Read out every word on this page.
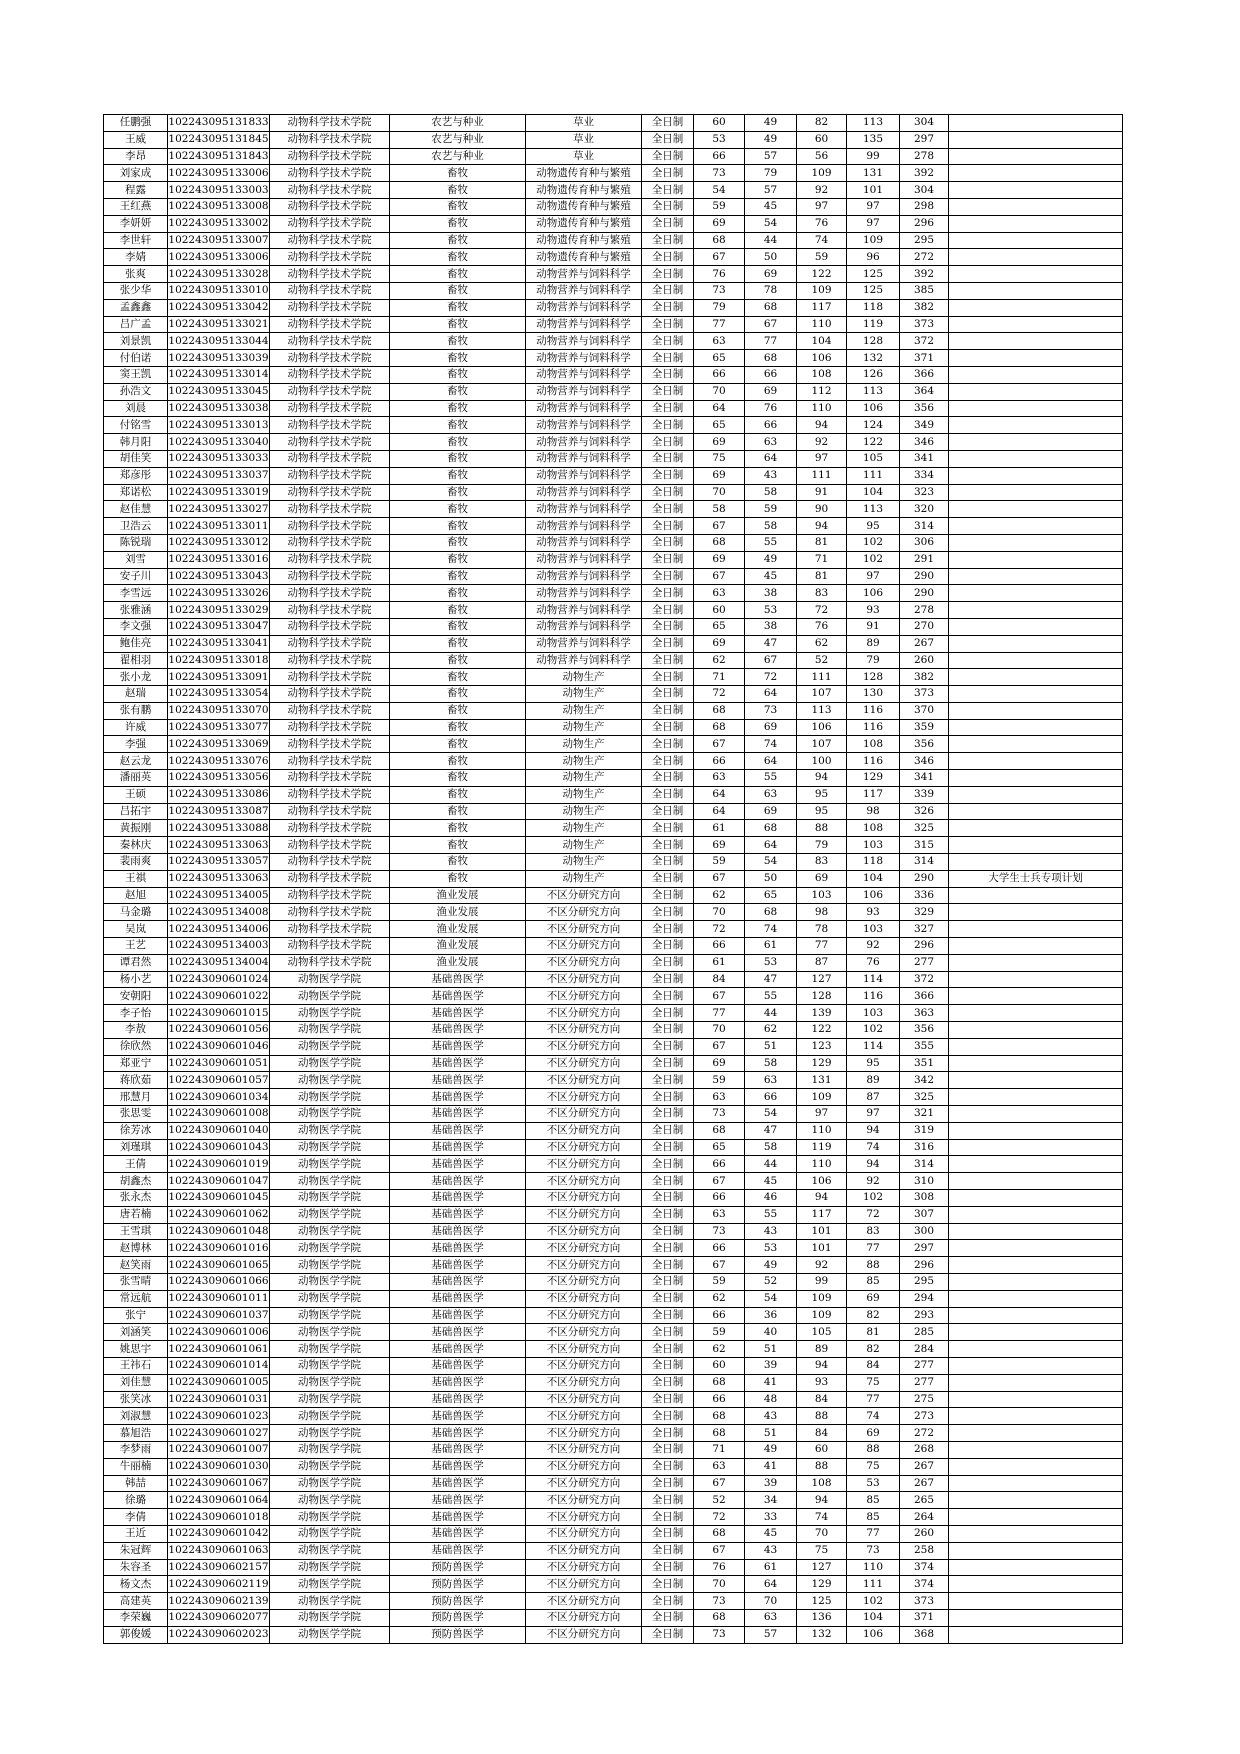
任鹏强	102243095131833	动物科学技术学院	农艺与种业	草业	全日制	60	49	82	113	304	
王威	102243095131845	动物科学技术学院	农艺与种业	草业	全日制	53	49	60	135	297	
李昂	102243095131843	动物科学技术学院	农艺与种业	草业	全日制	66	57	56	99	278	
刘家成	102243095133006	动物科学技术学院	畜牧	动物遗传育种与繁殖	全日制	73	79	109	131	392	
程露	102243095133003	动物科学技术学院	畜牧	动物遗传育种与繁殖	全日制	54	57	92	101	304	
王红燕	102243095133008	动物科学技术学院	畜牧	动物遗传育种与繁殖	全日制	59	45	97	97	298	
李妍妍	102243095133002	动物科学技术学院	畜牧	动物遗传育种与繁殖	全日制	69	54	76	97	296	
李世轩	102243095133007	动物科学技术学院	畜牧	动物遗传育种与繁殖	全日制	68	44	74	109	295	
李婧	102243095133006	动物科学技术学院	畜牧	动物遗传育种与繁殖	全日制	67	50	59	96	272	
张爽	102243095133028	动物科学技术学院	畜牧	动物营养与饲料科学	全日制	76	69	122	125	392	
张少华	102243095133010	动物科学技术学院	畜牧	动物营养与饲料科学	全日制	73	78	109	125	385	
孟鑫鑫	102243095133042	动物科学技术学院	畜牧	动物营养与饲料科学	全日制	79	68	117	118	382	
吕广孟	102243095133021	动物科学技术学院	畜牧	动物营养与饲料科学	全日制	77	67	110	119	373	
刘景凯	102243095133044	动物科学技术学院	畜牧	动物营养与饲料科学	全日制	63	77	104	128	372	
付伯诺	102243095133039	动物科学技术学院	畜牧	动物营养与饲料科学	全日制	65	68	106	132	371	
窦王凯	102243095133014	动物科学技术学院	畜牧	动物营养与饲料科学	全日制	66	66	108	126	366	
孙浩文	102243095133045	动物科学技术学院	畜牧	动物营养与饲料科学	全日制	70	69	112	113	364	
刘晨	102243095133038	动物科学技术学院	畜牧	动物营养与饲料科学	全日制	64	76	110	106	356	
付铭雪	102243095133013	动物科学技术学院	畜牧	动物营养与饲料科学	全日制	65	66	94	124	349	
韩月阳	102243095133040	动物科学技术学院	畜牧	动物营养与饲料科学	全日制	69	63	92	122	346	
胡佳笑	102243095133033	动物科学技术学院	畜牧	动物营养与饲料科学	全日制	75	64	97	105	341	
郑彦彤	102243095133037	动物科学技术学院	畜牧	动物营养与饲料科学	全日制	69	43	111	111	334	
郑诺松	102243095133019	动物科学技术学院	畜牧	动物营养与饲料科学	全日制	70	58	91	104	323	
赵佳慧	102243095133027	动物科学技术学院	畜牧	动物营养与饲料科学	全日制	58	59	90	113	320	
卫浩云	102243095133011	动物科学技术学院	畜牧	动物营养与饲料科学	全日制	67	58	94	95	314	
陈锐瑞	102243095133012	动物科学技术学院	畜牧	动物营养与饲料科学	全日制	68	55	81	102	306	
刘雪	102243095133016	动物科学技术学院	畜牧	动物营养与饲料科学	全日制	69	49	71	102	291	
安子川	102243095133043	动物科学技术学院	畜牧	动物营养与饲料科学	全日制	67	45	81	97	290	
李雪远	102243095133026	动物科学技术学院	畜牧	动物营养与饲料科学	全日制	63	38	83	106	290	
张雅涵	102243095133029	动物科学技术学院	畜牧	动物营养与饲料科学	全日制	60	53	72	93	278	
李文强	102243095133047	动物科学技术学院	畜牧	动物营养与饲料科学	全日制	65	38	76	91	270	
鲍佳亮	102243095133041	动物科学技术学院	畜牧	动物营养与饲料科学	全日制	69	47	62	89	267	
翟相羽	102243095133018	动物科学技术学院	畜牧	动物营养与饲料科学	全日制	62	67	52	79	260	
张小龙	102243095133091	动物科学技术学院	畜牧	动物生产	全日制	71	72	111	128	382	
赵瑞	102243095133054	动物科学技术学院	畜牧	动物生产	全日制	72	64	107	130	373	
张有鹏	102243095133070	动物科学技术学院	畜牧	动物生产	全日制	68	73	113	116	370	
许威	102243095133077	动物科学技术学院	畜牧	动物生产	全日制	68	69	106	116	359	
李强	102243095133069	动物科学技术学院	畜牧	动物生产	全日制	67	74	107	108	356	
赵云龙	102243095133076	动物科学技术学院	畜牧	动物生产	全日制	66	64	100	116	346	
潘丽英	102243095133056	动物科学技术学院	畜牧	动物生产	全日制	63	55	94	129	341	
王硕	102243095133086	动物科学技术学院	畜牧	动物生产	全日制	64	63	95	117	339	
吕拓宇	102243095133087	动物科学技术学院	畜牧	动物生产	全日制	64	69	95	98	326	
黄振刚	102243095133088	动物科学技术学院	畜牧	动物生产	全日制	61	68	88	108	325	
秦林庆	102243095133063	动物科学技术学院	畜牧	动物生产	全日制	69	64	79	103	315	
裴雨爽	102243095133057	动物科学技术学院	畜牧	动物生产	全日制	59	54	83	118	314	
王祺	102243095133063	动物科学技术学院	畜牧	动物生产	全日制	67	50	69	104	290	大学生士兵专项计划
赵旭	102243095134005	动物科学技术学院	渔业发展	不区分研究方向	全日制	62	65	103	106	336	
马金璐	102243095134008	动物科学技术学院	渔业发展	不区分研究方向	全日制	70	68	98	93	329	
吴岚	102243095134006	动物科学技术学院	渔业发展	不区分研究方向	全日制	72	74	78	103	327	
王艺	102243095134003	动物科学技术学院	渔业发展	不区分研究方向	全日制	66	61	77	92	296	
谭君然	102243095134004	动物科学技术学院	渔业发展	不区分研究方向	全日制	61	53	87	76	277	
杨小艺	102243090601024	动物医学学院	基础兽医学	不区分研究方向	全日制	84	47	127	114	372	
安朝阳	102243090601022	动物医学学院	基础兽医学	不区分研究方向	全日制	67	55	128	116	366	
李子怡	102243090601015	动物医学学院	基础兽医学	不区分研究方向	全日制	77	44	139	103	363	
李敖	102243090601056	动物医学学院	基础兽医学	不区分研究方向	全日制	70	62	122	102	356	
徐欣然	102243090601046	动物医学学院	基础兽医学	不区分研究方向	全日制	67	51	123	114	355	
郑亚宁	102243090601051	动物医学学院	基础兽医学	不区分研究方向	全日制	69	58	129	95	351	
蒋欣茹	102243090601057	动物医学学院	基础兽医学	不区分研究方向	全日制	59	63	131	89	342	
邢慧月	102243090601034	动物医学学院	基础兽医学	不区分研究方向	全日制	63	66	109	87	325	
张思雯	102243090601008	动物医学学院	基础兽医学	不区分研究方向	全日制	73	54	97	97	321	
徐芳冰	102243090601040	动物医学学院	基础兽医学	不区分研究方向	全日制	68	47	110	94	319	
刘瑾琪	102243090601043	动物医学学院	基础兽医学	不区分研究方向	全日制	65	58	119	74	316	
王倩	102243090601019	动物医学学院	基础兽医学	不区分研究方向	全日制	66	44	110	94	314	
胡鑫杰	102243090601047	动物医学学院	基础兽医学	不区分研究方向	全日制	67	45	106	92	310	
张永杰	102243090601045	动物医学学院	基础兽医学	不区分研究方向	全日制	66	46	94	102	308	
唐若楠	102243090601062	动物医学学院	基础兽医学	不区分研究方向	全日制	63	55	117	72	307	
王雪琪	102243090601048	动物医学学院	基础兽医学	不区分研究方向	全日制	73	43	101	83	300	
赵博林	102243090601016	动物医学学院	基础兽医学	不区分研究方向	全日制	66	53	101	77	297	
赵笑雨	102243090601065	动物医学学院	基础兽医学	不区分研究方向	全日制	67	49	92	88	296	
张雪晴	102243090601066	动物医学学院	基础兽医学	不区分研究方向	全日制	59	52	99	85	295	
常远航	102243090601011	动物医学学院	基础兽医学	不区分研究方向	全日制	62	54	109	69	294	
张宁	102243090601037	动物医学学院	基础兽医学	不区分研究方向	全日制	66	36	109	82	293	
刘涵笑	102243090601006	动物医学学院	基础兽医学	不区分研究方向	全日制	59	40	105	81	285	
姚思宇	102243090601061	动物医学学院	基础兽医学	不区分研究方向	全日制	62	51	89	82	284	
王祎石	102243090601014	动物医学学院	基础兽医学	不区分研究方向	全日制	60	39	94	84	277	
刘佳慧	102243090601005	动物医学学院	基础兽医学	不区分研究方向	全日制	68	41	93	75	277	
张笑冰	102243090601031	动物医学学院	基础兽医学	不区分研究方向	全日制	66	48	84	77	275	
刘淑慧	102243090601023	动物医学学院	基础兽医学	不区分研究方向	全日制	68	43	88	74	273	
慕旭浩	102243090601027	动物医学学院	基础兽医学	不区分研究方向	全日制	68	51	84	69	272	
李梦雨	102243090601007	动物医学学院	基础兽医学	不区分研究方向	全日制	71	49	60	88	268	
牛丽楠	102243090601030	动物医学学院	基础兽医学	不区分研究方向	全日制	63	41	88	75	267	
韩喆	102243090601067	动物医学学院	基础兽医学	不区分研究方向	全日制	67	39	108	53	267	
徐璐	102243090601064	动物医学学院	基础兽医学	不区分研究方向	全日制	52	34	94	85	265	
李倩	102243090601018	动物医学学院	基础兽医学	不区分研究方向	全日制	72	33	74	85	264	
王近	102243090601042	动物医学学院	基础兽医学	不区分研究方向	全日制	68	45	70	77	260	
朱冠辉	102243090601063	动物医学学院	基础兽医学	不区分研究方向	全日制	67	43	75	73	258	
朱容圣	102243090602157	动物医学学院	预防兽医学	不区分研究方向	全日制	76	61	127	110	374	
杨文杰	102243090602119	动物医学学院	预防兽医学	不区分研究方向	全日制	70	64	129	111	374	
高建英	102243090602139	动物医学学院	预防兽医学	不区分研究方向	全日制	73	70	125	102	373	
李荣巍	102243090602077	动物医学学院	预防兽医学	不区分研究方向	全日制	68	63	136	104	371	
郭俊媛	102243090602023	动物医学学院	预防兽医学	不区分研究方向	全日制	73	57	132	106	368	
